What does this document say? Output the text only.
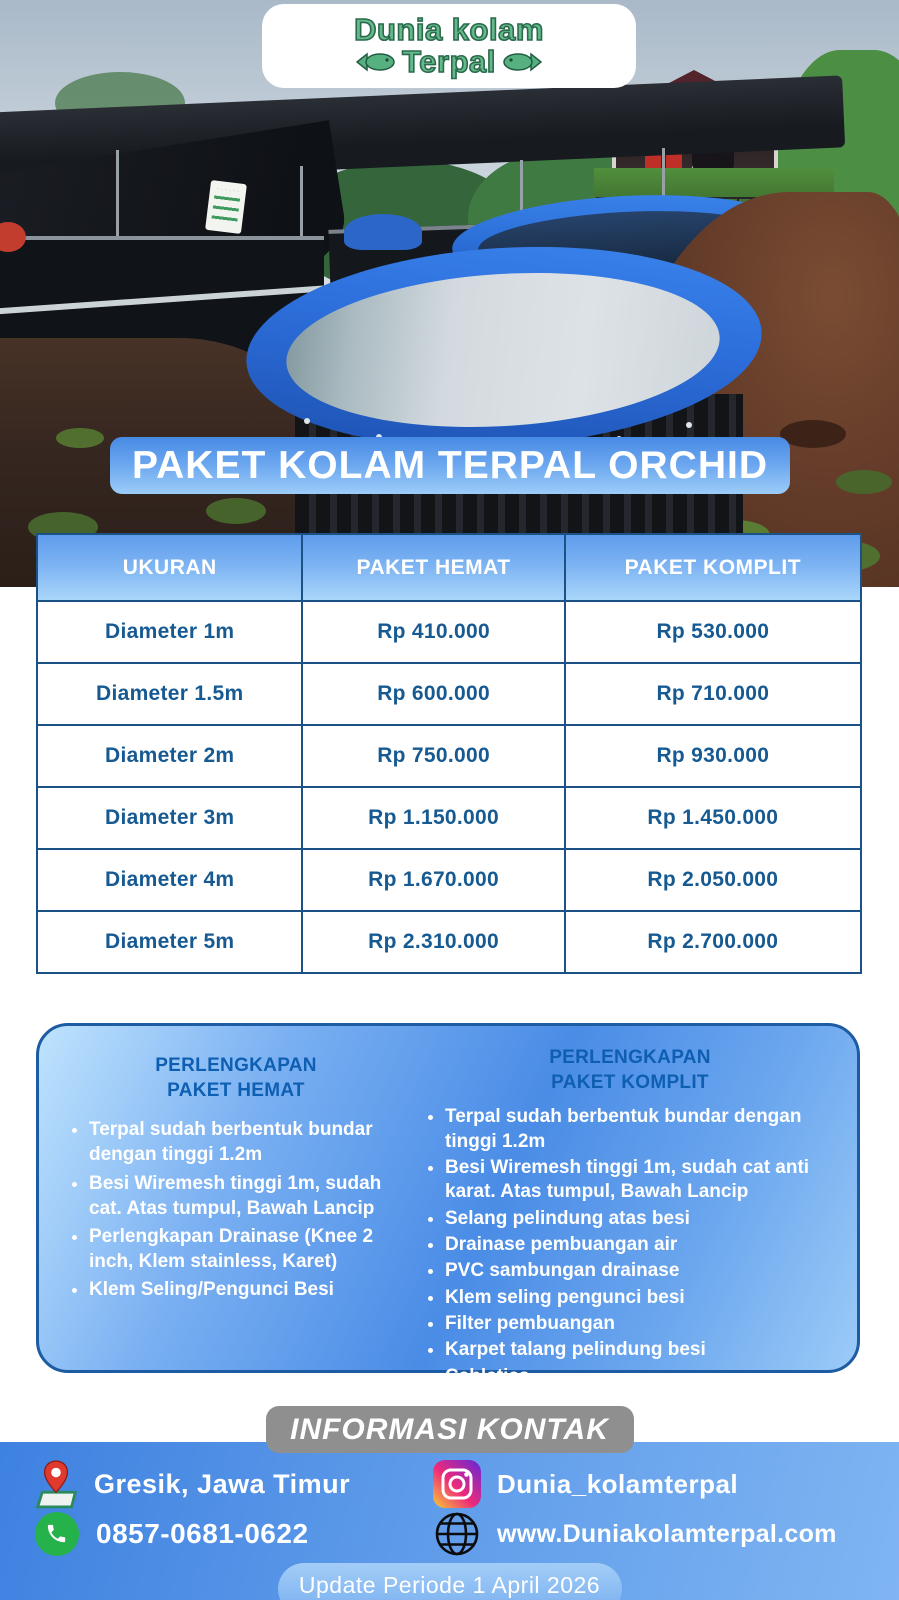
Dunia kolam
Terpal
PAKET KOLAM TERPAL ORCHID
UKURAN	PAKET HEMAT	PAKET KOMPLIT
Diameter 1m	Rp 410.000	Rp 530.000
Diameter 1.5m	Rp 600.000	Rp 710.000
Diameter 2m	Rp 750.000	Rp 930.000
Diameter 3m	Rp 1.150.000	Rp 1.450.000
Diameter 4m	Rp 1.670.000	Rp 2.050.000
Diameter 5m	Rp 2.310.000	Rp 2.700.000
PERLENGKAPAN
PAKET HEMAT
• Terpal sudah berbentuk bundar dengan tinggi 1.2m
• Besi Wiremesh tinggi 1m, sudah cat. Atas tumpul, Bawah Lancip
• Perlengkapan Drainase (Knee 2 inch, Klem stainless, Karet)
• Klem Seling/Pengunci Besi
PERLENGKAPAN
PAKET KOMPLIT
• Terpal sudah berbentuk bundar dengan tinggi 1.2m
• Besi Wiremesh tinggi 1m, sudah cat anti karat. Atas tumpul, Bawah Lancip
• Selang pelindung atas besi
• Drainase pembuangan air
• PVC sambungan drainase
• Klem seling pengunci besi
• Filter pembuangan
• Karpet talang pelindung besi
• Cableties
INFORMASI KONTAK
Gresik, Jawa Timur	Dunia_kolamterpal
0857-0681-0622	www.Duniakolamterpal.com
Update Periode 1 April 2026
